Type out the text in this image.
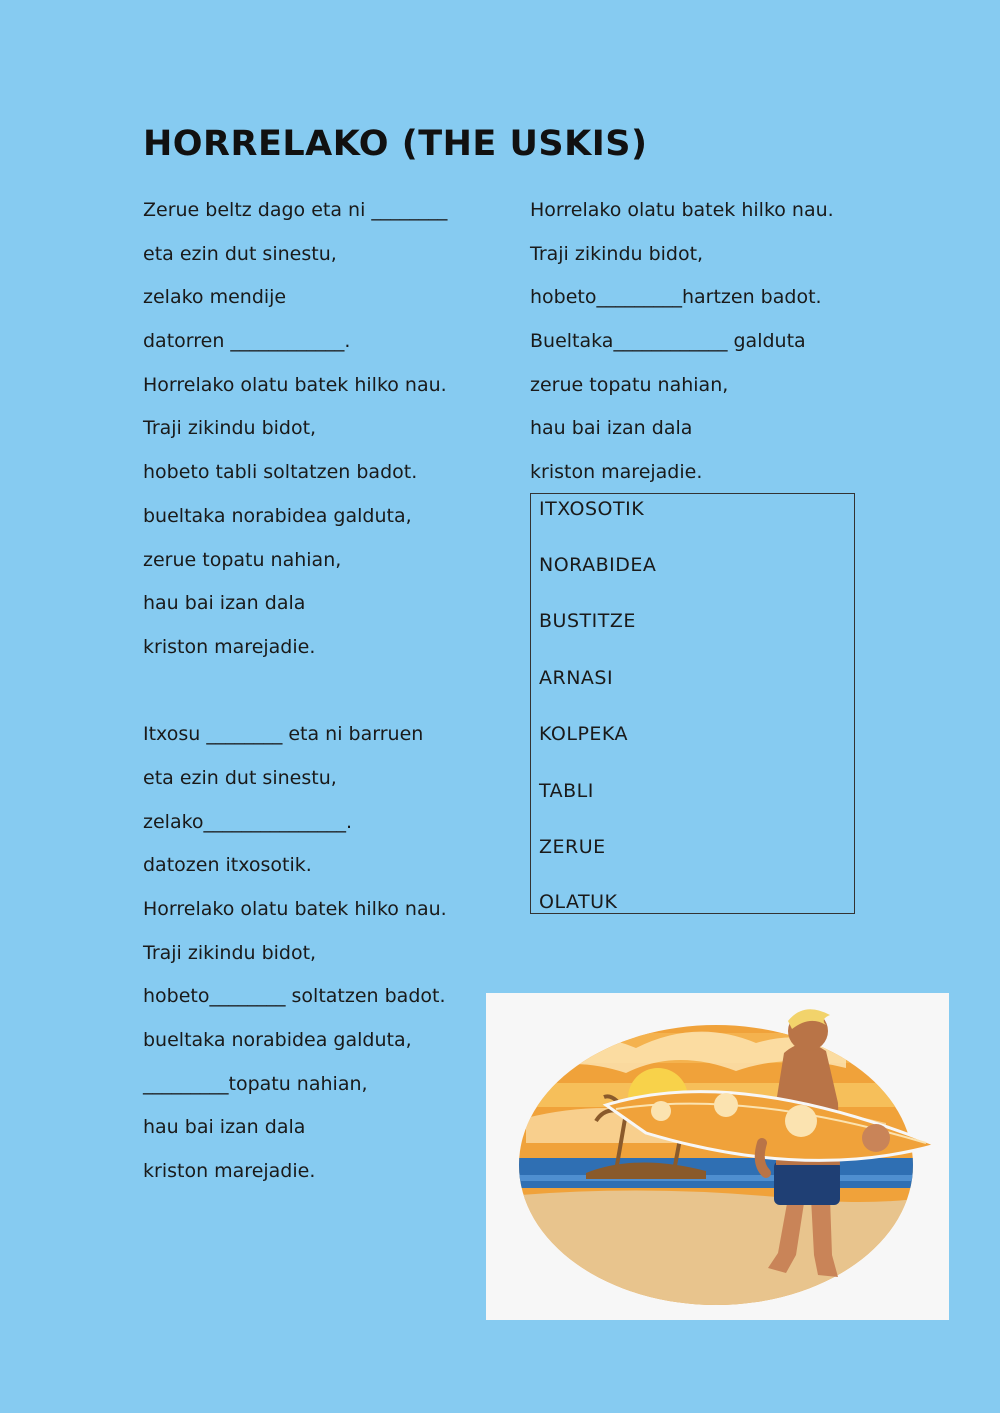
HORRELAKO (THE USKIS)
Zerue beltz dago eta ni ________
eta ezin dut sinestu,
zelako mendije
datorren ____________.
Horrelako olatu batek hilko nau.
Traji zikindu bidot,
hobeto tabli soltatzen badot.
bueltaka norabidea galduta,
zerue topatu nahian,
hau bai izan dala
kriston marejadie.
Itxosu ________ eta ni barruen
eta ezin dut sinestu,
zelako_______________.
datozen itxosotik.
Horrelako olatu batek hilko nau.
Traji zikindu bidot,
hobeto________ soltatzen badot.
bueltaka norabidea galduta,
_________topatu nahian,
hau bai izan dala
kriston marejadie.
Horrelako olatu batek hilko nau.
Traji zikindu bidot,
hobeto_________hartzen badot.
Bueltaka____________ galduta
zerue topatu nahian,
hau bai izan dala
kriston marejadie.
ITXOSOTIK
NORABIDEA
BUSTITZE
ARNASI
KOLPEKA
TABLI
ZERUE
OLATUK
